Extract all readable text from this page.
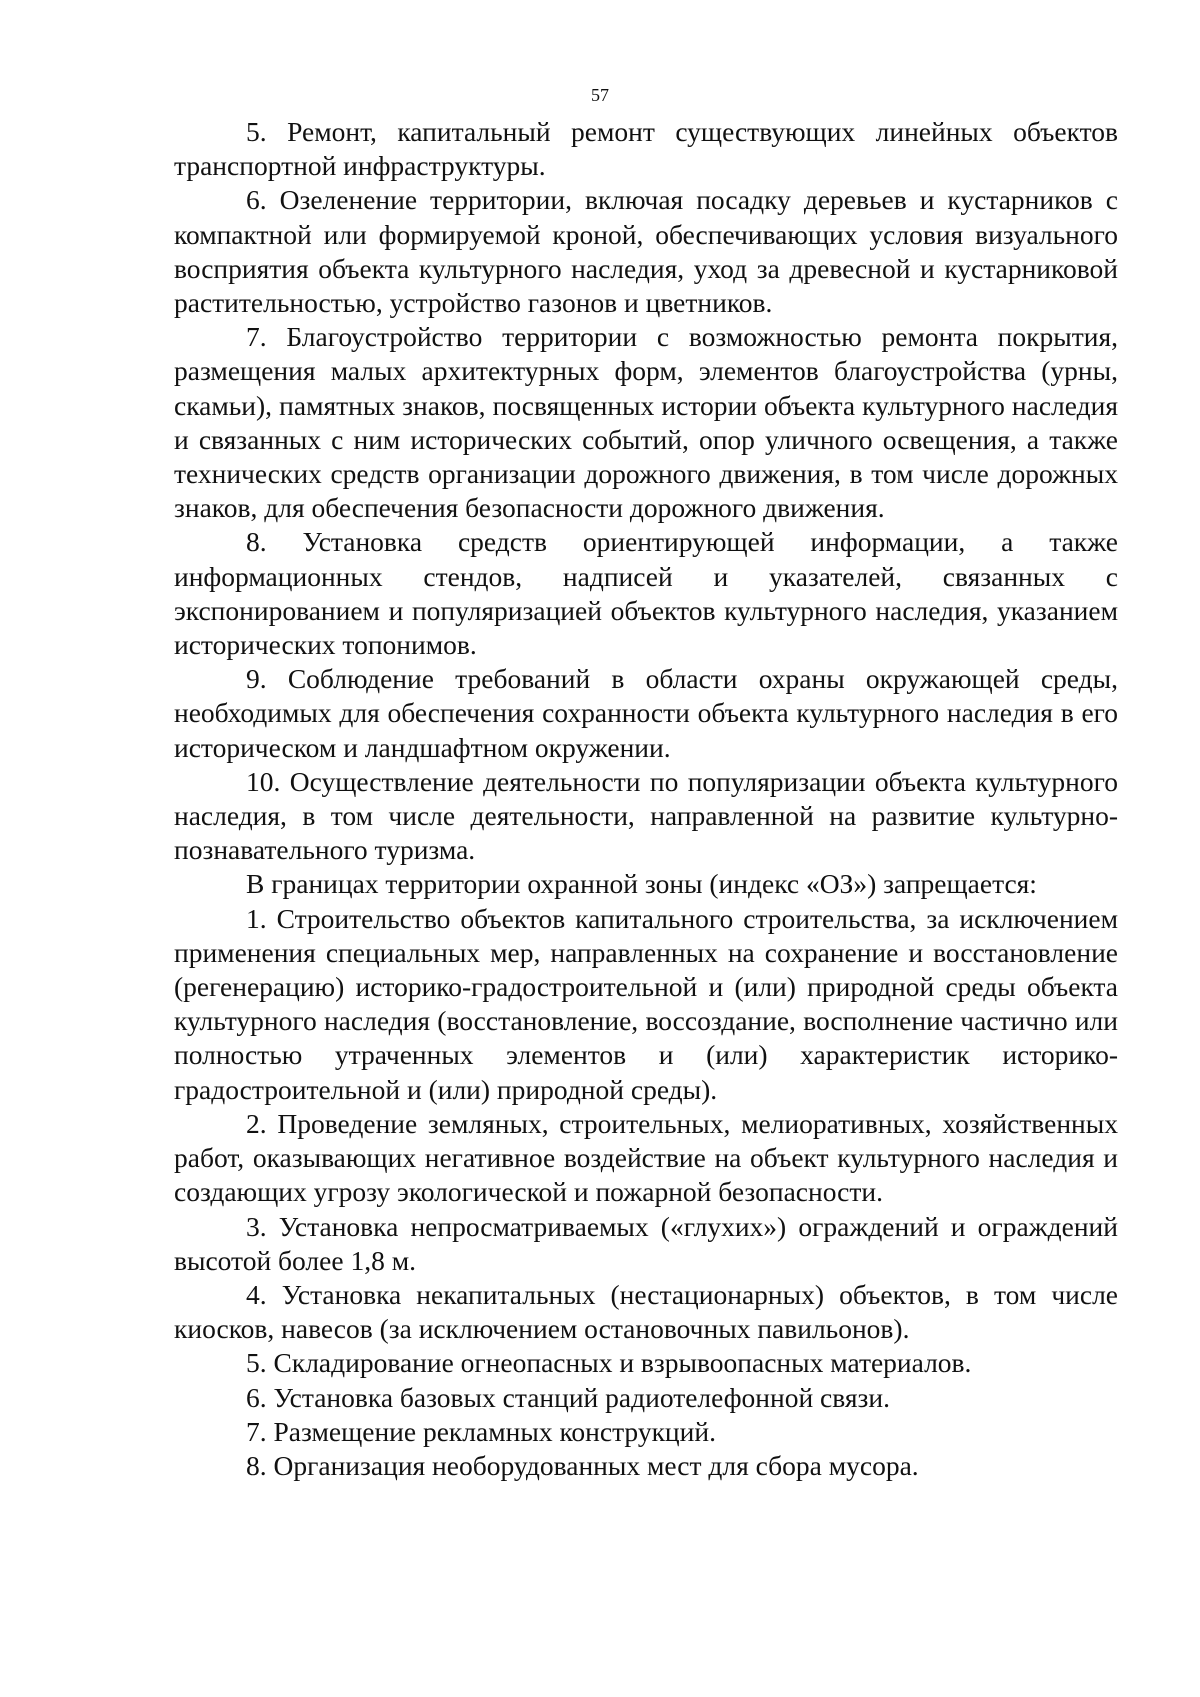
57

5. Ремонт, капитальный ремонт существующих линейных объектов транспортной инфраструктуры.

6. Озеленение территории, включая посадку деревьев и кустарников с компактной или формируемой кроной, обеспечивающих условия визуального восприятия объекта культурного наследия, уход за древесной и кустарниковой растительностью, устройство газонов и цветников.

7. Благоустройство территории с возможностью ремонта покрытия, размещения малых архитектурных форм, элементов благоустройства (урны, скамьи), памятных знаков, посвященных истории объекта культурного наследия и связанных с ним исторических событий, опор уличного освещения, а также технических средств организации дорожного движения, в том числе дорожных знаков, для обеспечения безопасности дорожного движения.

8. Установка средств ориентирующей информации, а также информационных стендов, надписей и указателей, связанных с экспонированием и популяризацией объектов культурного наследия, указанием исторических топонимов.

9. Соблюдение требований в области охраны окружающей среды, необходимых для обеспечения сохранности объекта культурного наследия в его историческом и ландшафтном окружении.

10. Осуществление деятельности по популяризации объекта культурного наследия, в том числе деятельности, направленной на развитие культурно-познавательного туризма.

В границах территории охранной зоны (индекс «ОЗ») запрещается:

1. Строительство объектов капитального строительства, за исключением применения специальных мер, направленных на сохранение и восстановление (регенерацию) историко-градостроительной и (или) природной среды объекта культурного наследия (восстановление, воссоздание, восполнение частично или полностью утраченных элементов и (или) характеристик историко-градостроительной и (или) природной среды).

2. Проведение земляных, строительных, мелиоративных, хозяйственных работ, оказывающих негативное воздействие на объект культурного наследия и создающих угрозу экологической и пожарной безопасности.

3. Установка непросматриваемых («глухих») ограждений и ограждений высотой более 1,8 м.

4. Установка некапитальных (нестационарных) объектов, в том числе киосков, навесов (за исключением остановочных павильонов).

5. Складирование огнеопасных и взрывоопасных материалов.

6. Установка базовых станций радиотелефонной связи.

7. Размещение рекламных конструкций.

8. Организация необорудованных мест для сбора мусора.
